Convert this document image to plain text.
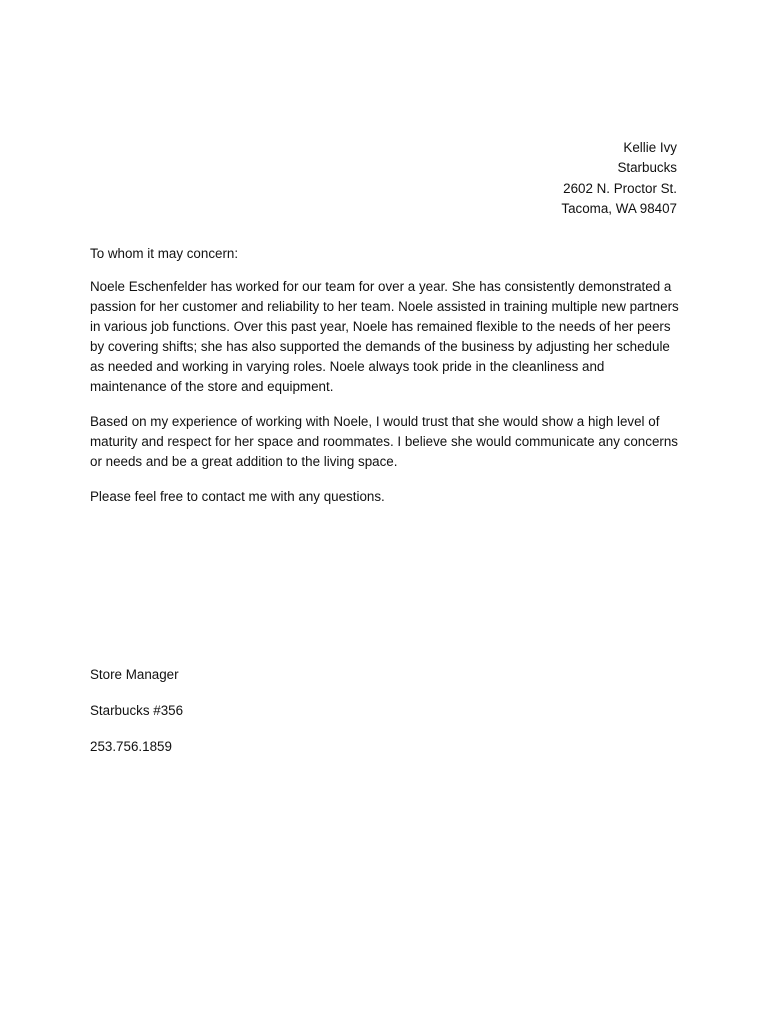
Kellie Ivy
Starbucks
2602 N. Proctor St.
Tacoma, WA 98407

To whom it may concern:

Noele Eschenfelder has worked for our team for over a year. She has consistently demonstrated a passion for her customer and reliability to her team. Noele assisted in training multiple new partners in various job functions. Over this past year, Noele has remained flexible to the needs of her peers by covering shifts; she has also supported the demands of the business by adjusting her schedule as needed and working in varying roles. Noele always took pride in the cleanliness and maintenance of the store and equipment.

Based on my experience of working with Noele, I would trust that she would show a high level of maturity and respect for her space and roommates. I believe she would communicate any concerns or needs and be a great addition to the living space.

Please feel free to contact me with any questions.

Store Manager

Starbucks #356

253.756.1859
